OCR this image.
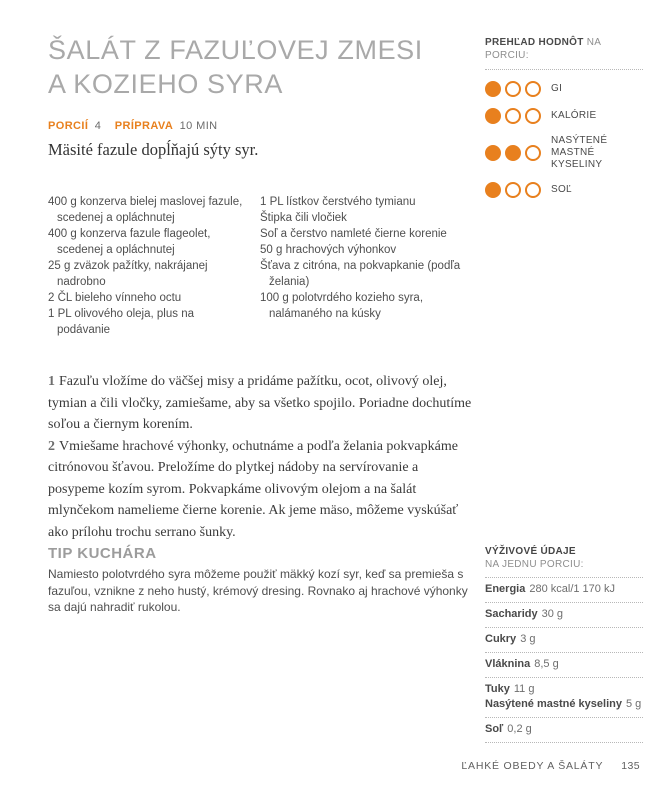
ŠALÁT Z FAZUĽOVEJ ZMESI
A KOZIEHO SYRA
PORCIÍ 4 PRÍPRAVA 10 MIN

Mäsité fazule dopĺňajú sýty syr.

400 g konzerva bielej maslovej fazule, scedenej a opláchnutej
400 g konzerva fazule flageolet, scedenej a opláchnutej
25 g zväzok pažítky, nakrájanej nadrobno
2 ČL bieleho vínneho octu
1 PL olivového oleja, plus na podávanie
1 PL lístkov čerstvého tymianu
Štipka čili vločiek
Soľ a čerstvo namleté čierne korenie
50 g hrachových výhonkov
Šťava z citróna, na pokvapkanie (podľa želania)
100 g polotvrdého kozieho syra, nalámaného na kúsky

1 Fazuľu vložíme do väčšej misy a pridáme pažítku, ocot, olivový olej, tymian a čili vločky, zamiešame, aby sa všetko spojilo. Poriadne dochutíme soľou a čiernym korením.

2 Vmiešame hrachové výhonky, ochutnáme a podľa želania pokvapkáme citrónovou šťavou. Preložíme do plytkej nádoby na servírovanie a posypeme kozím syrom. Pokvapkáme olivovým olejom a na šalát mlynčekom namelieme čierne korenie. Ak jeme mäso, môžeme vyskúšať ako prílohu trochu serrano šunky.

TIP KUCHÁRA

Namiesto polotvrdého syra môžeme použiť mäkký kozí syr, keď sa premieša s fazuľou, vznikne z neho hustý, krémový dresing. Rovnako aj hrachové výhonky sa dajú nahradiť rukolou.

PREHĽAD HODNÔT NA PORCIU:
GI
KALÓRIE
NASÝTENÉ MASTNÉ KYSELINY
SOĽ
VÝŽIVOVÉ ÚDAJE
NA JEDNU PORCIU:
Energia 280 kcal/1 170 kJ
Sacharidy 30 g
Cukry 3 g
Vláknina 8,5 g
Tuky 11 g
Nasýtené mastné kyseliny 5 g
Soľ 0,2 g
ĽAHKÉ OBEDY A ŠALÁTY 135
